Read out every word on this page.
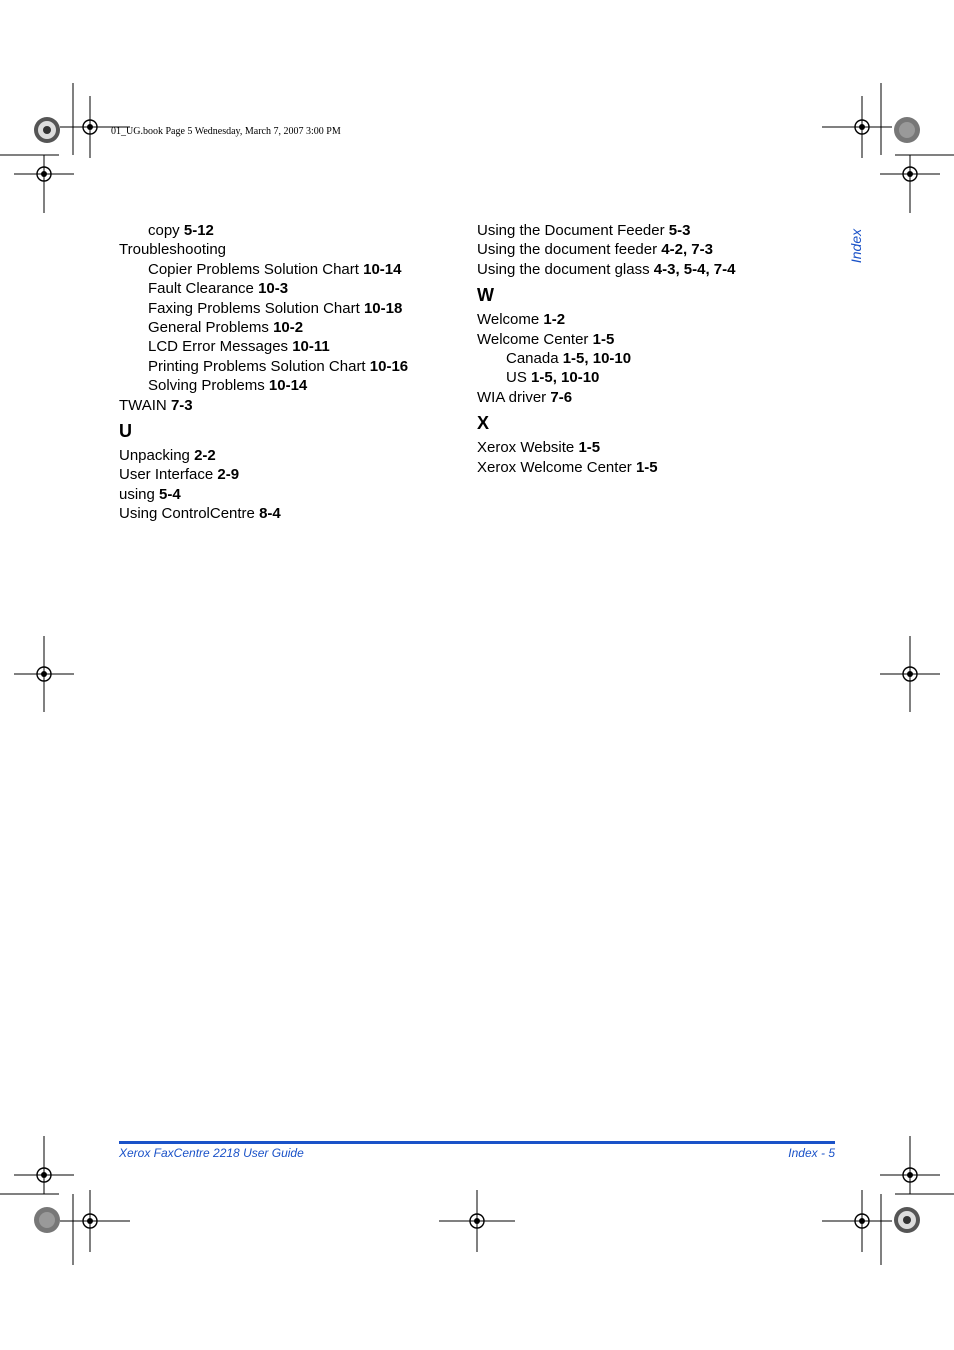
01_UG.book Page 5 Wednesday, March 7, 2007 3:00 PM
Index
copy 5-12
Troubleshooting
Copier Problems Solution Chart 10-14
Fault Clearance 10-3
Faxing Problems Solution Chart 10-18
General Problems 10-2
LCD Error Messages 10-11
Printing Problems Solution Chart 10-16
Solving Problems 10-14
TWAIN 7-3
U
Unpacking 2-2
User Interface 2-9
using 5-4
Using ControlCentre 8-4
Using the Document Feeder 5-3
Using the document feeder 4-2, 7-3
Using the document glass 4-3, 5-4, 7-4
W
Welcome 1-2
Welcome Center 1-5
Canada 1-5, 10-10
US 1-5, 10-10
WIA driver 7-6
X
Xerox Website 1-5
Xerox Welcome Center 1-5
Xerox FaxCentre 2218 User Guide	Index - 5
